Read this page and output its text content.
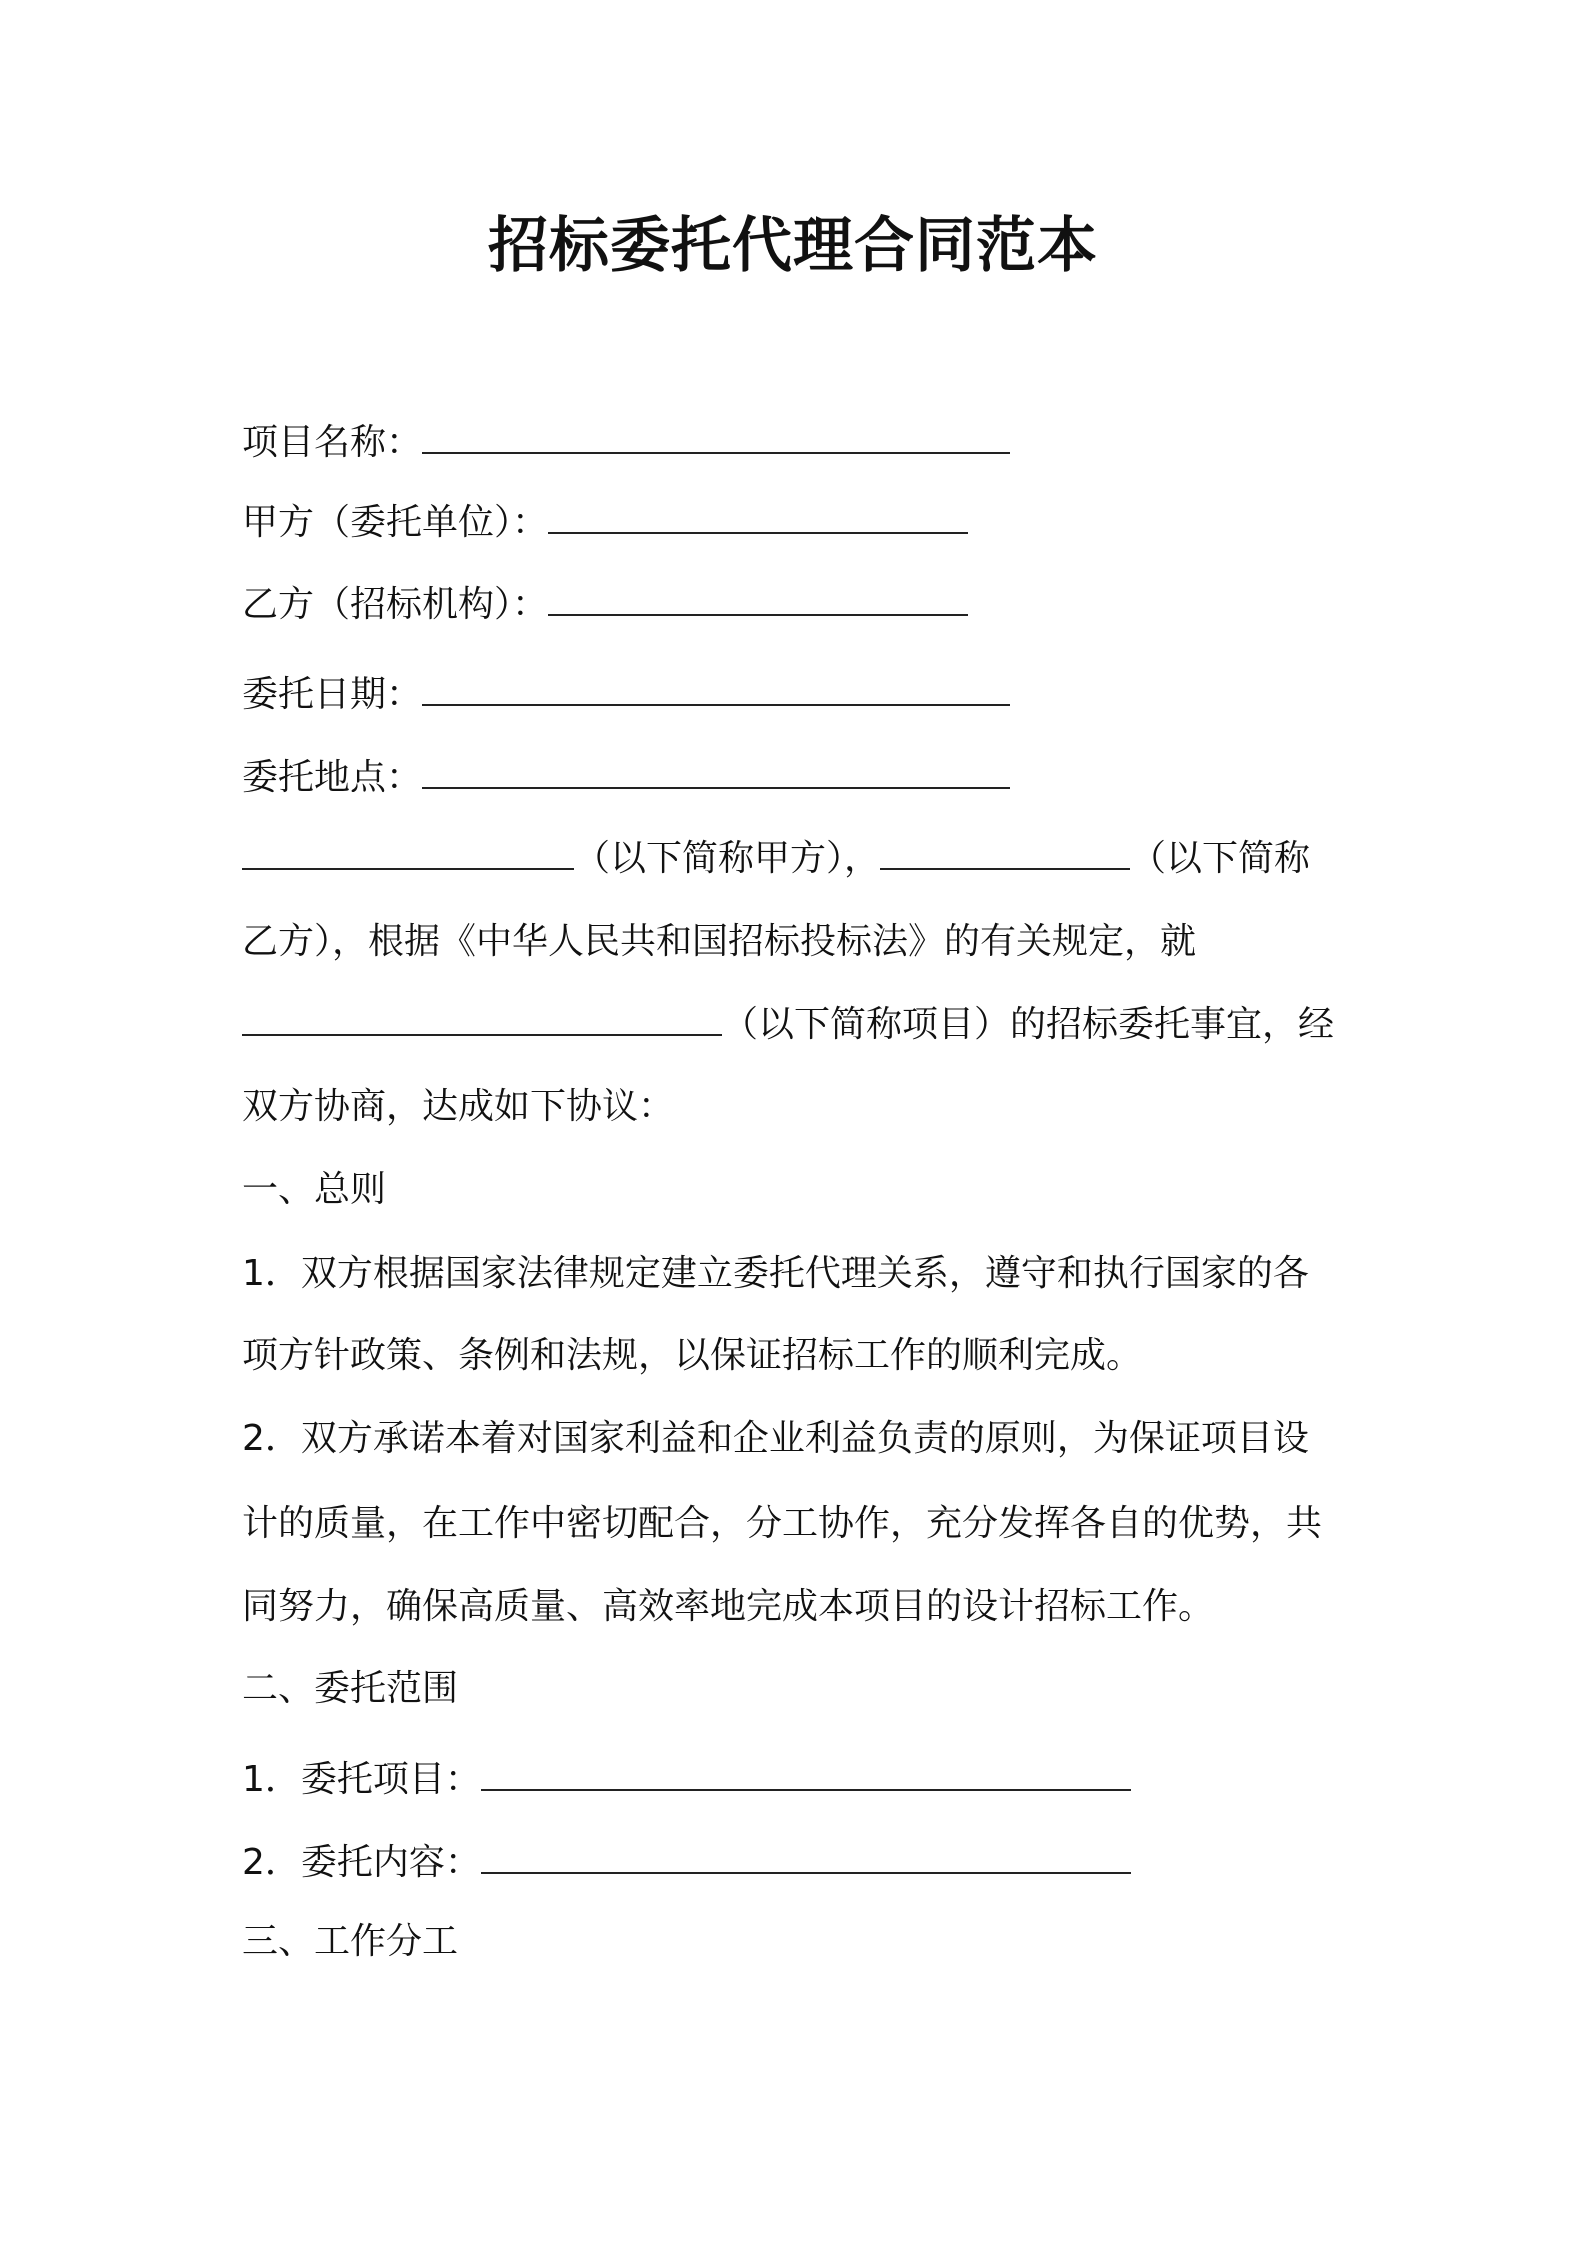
招标委托代理合同范本
项目名称：
甲方（委托单位）：
乙方（招标机构）：
委托日期：
委托地点：
（以下简称甲方），	（以下简称
乙方），根据《中华人民共和国招标投标法》的有关规定，就
（以下简称项目）的招标委托事宜，经
双方协商，达成如下协议：
一、总则
1．双方根据国家法律规定建立委托代理关系，遵守和执行国家的各
项方针政策、条例和法规，以保证招标工作的顺利完成。
2．双方承诺本着对国家利益和企业利益负责的原则，为保证项目设
计的质量，在工作中密切配合，分工协作，充分发挥各自的优势，共
同努力，确保高质量、高效率地完成本项目的设计招标工作。
二、委托范围
1．委托项目：
2．委托内容：
三、工作分工
